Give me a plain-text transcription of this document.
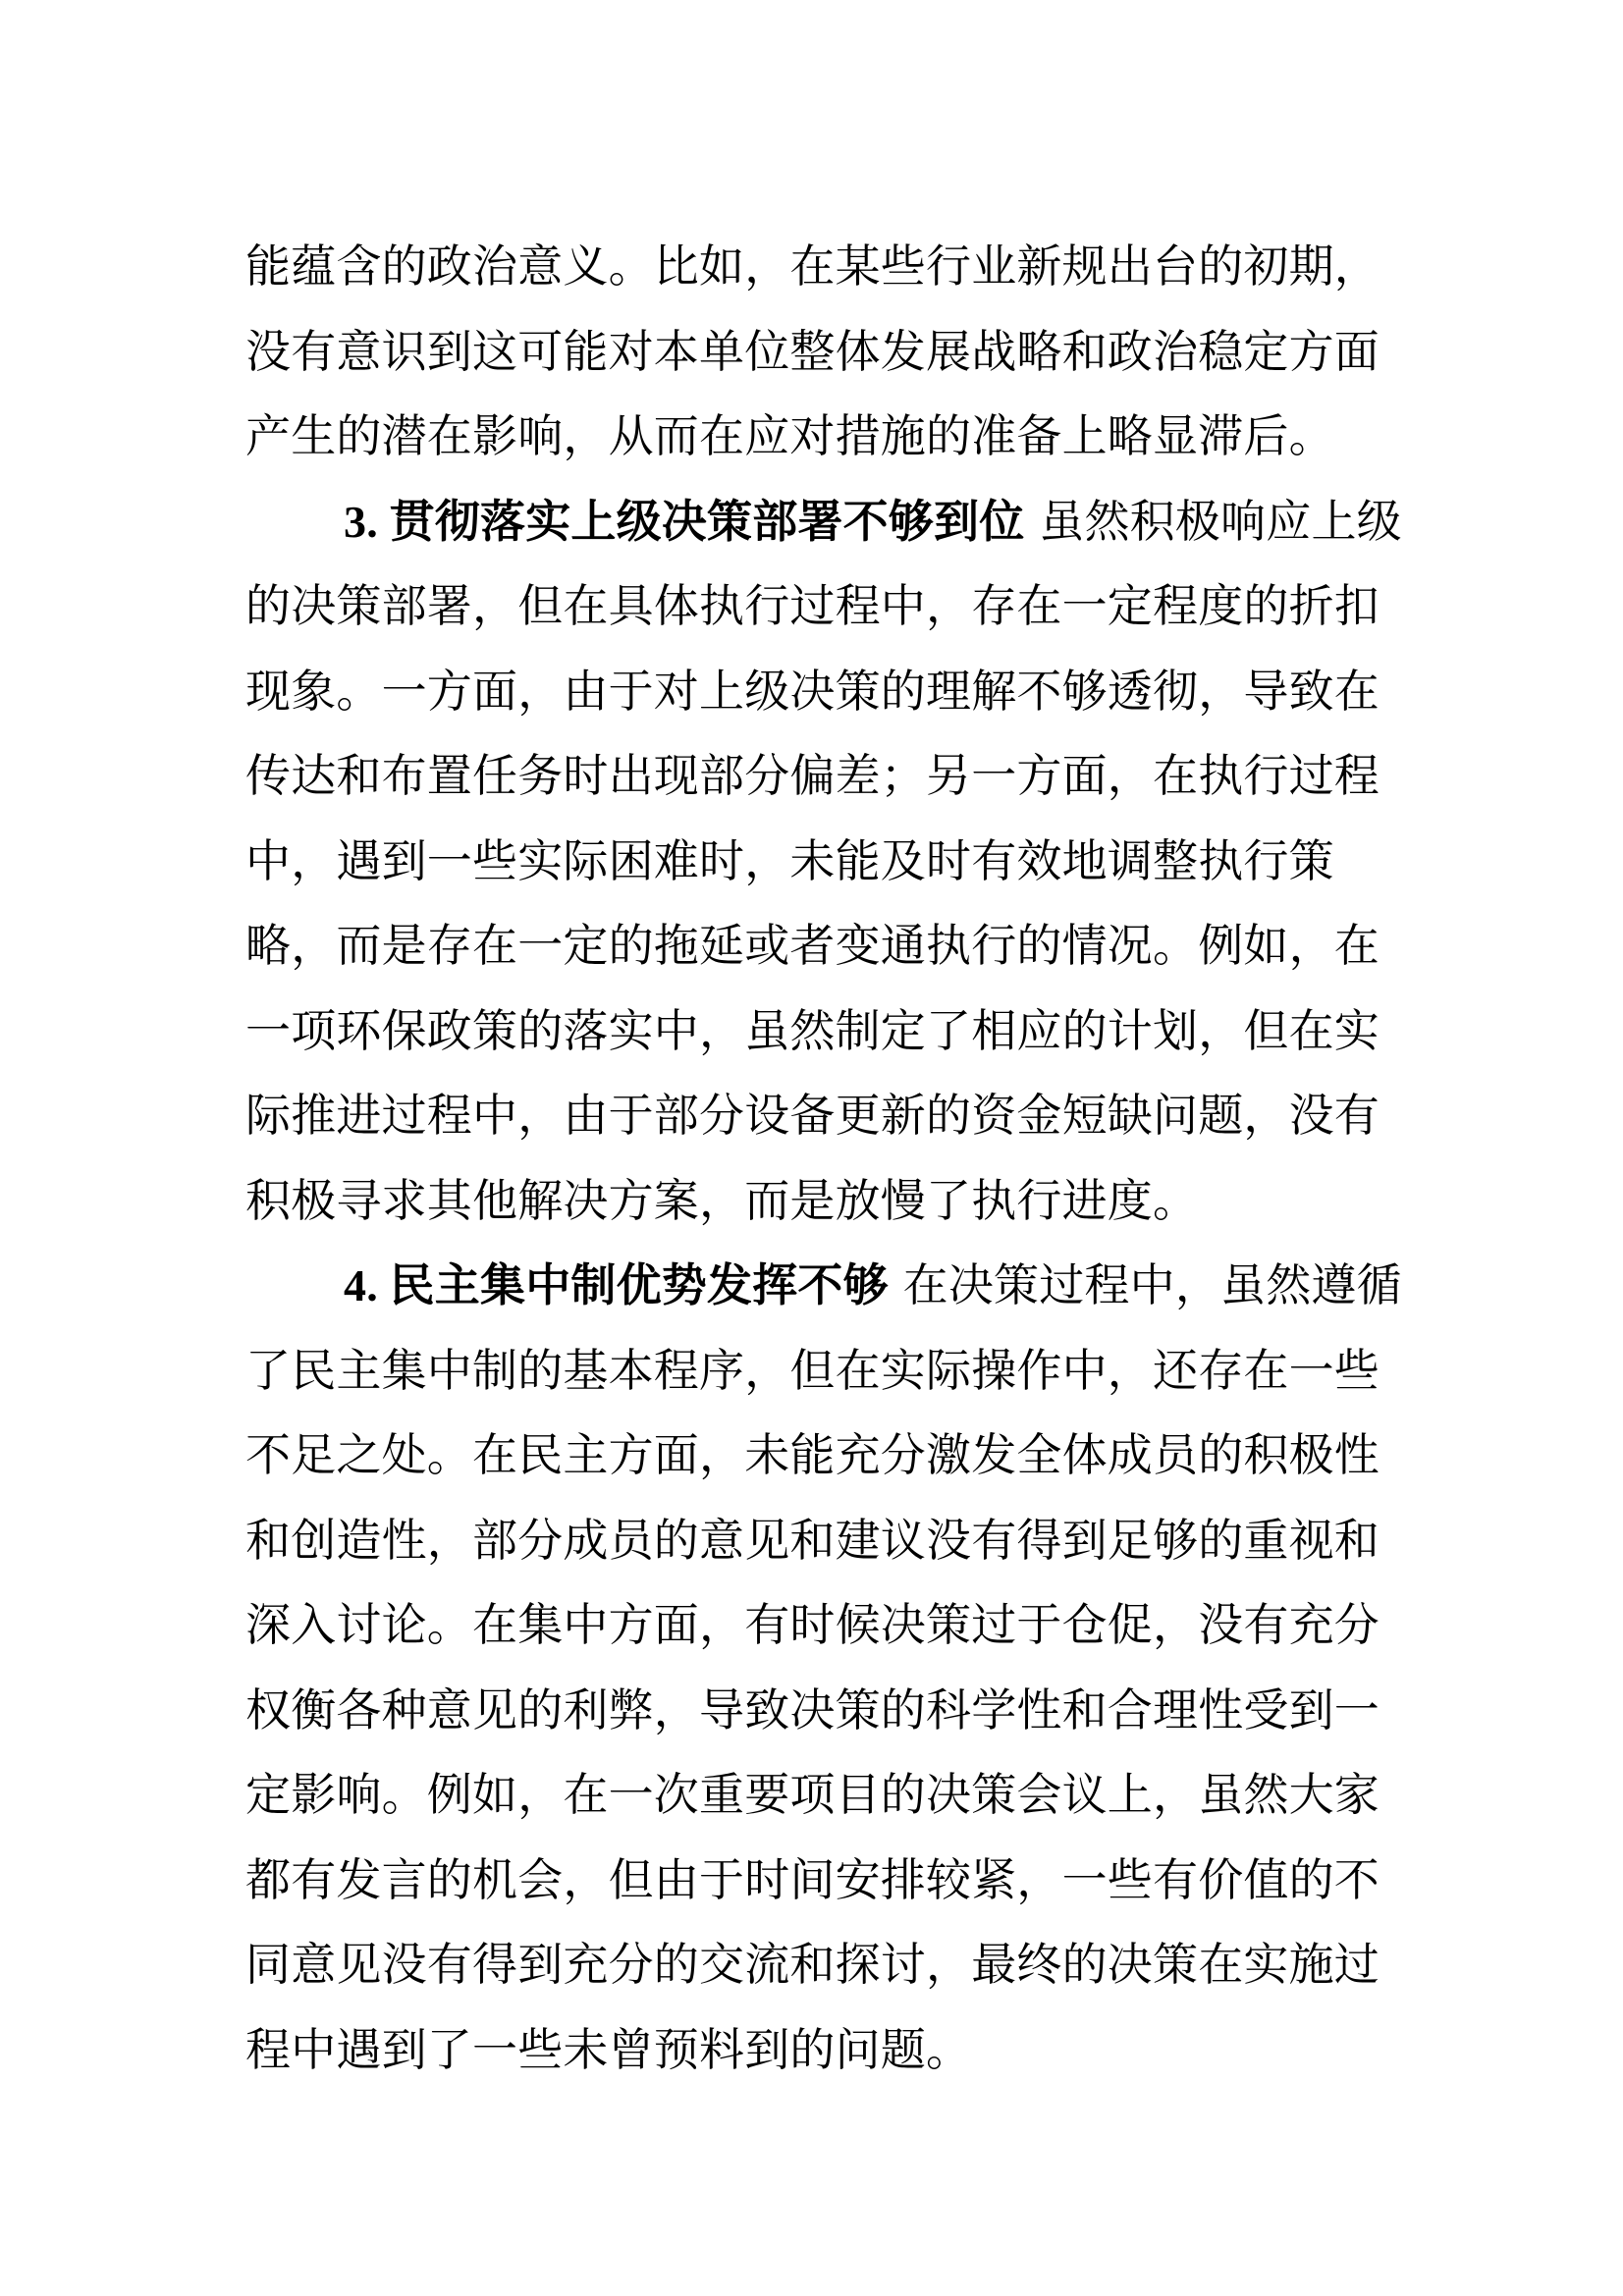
能蕴含的政治意义。比如，在某些行业新规出台的初期，
没有意识到这可能对本单位整体发展战略和政治稳定方面
产生的潜在影响，从而在应对措施的准备上略显滞后。
3. 贯彻落实上级决策部署不够到位 虽然积极响应上级
的决策部署，但在具体执行过程中，存在一定程度的折扣
现象。一方面，由于对上级决策的理解不够透彻，导致在
传达和布置任务时出现部分偏差；另一方面，在执行过程
中，遇到一些实际困难时，未能及时有效地调整执行策
略，而是存在一定的拖延或者变通执行的情况。例如，在
一项环保政策的落实中，虽然制定了相应的计划，但在实
际推进过程中，由于部分设备更新的资金短缺问题，没有
积极寻求其他解决方案，而是放慢了执行进度。
4. 民主集中制优势发挥不够 在决策过程中，虽然遵循
了民主集中制的基本程序，但在实际操作中，还存在一些
不足之处。在民主方面，未能充分激发全体成员的积极性
和创造性，部分成员的意见和建议没有得到足够的重视和
深入讨论。在集中方面，有时候决策过于仓促，没有充分
权衡各种意见的利弊，导致决策的科学性和合理性受到一
定影响。例如，在一次重要项目的决策会议上，虽然大家
都有发言的机会，但由于时间安排较紧，一些有价值的不
同意见没有得到充分的交流和探讨，最终的决策在实施过
程中遇到了一些未曾预料到的问题。
